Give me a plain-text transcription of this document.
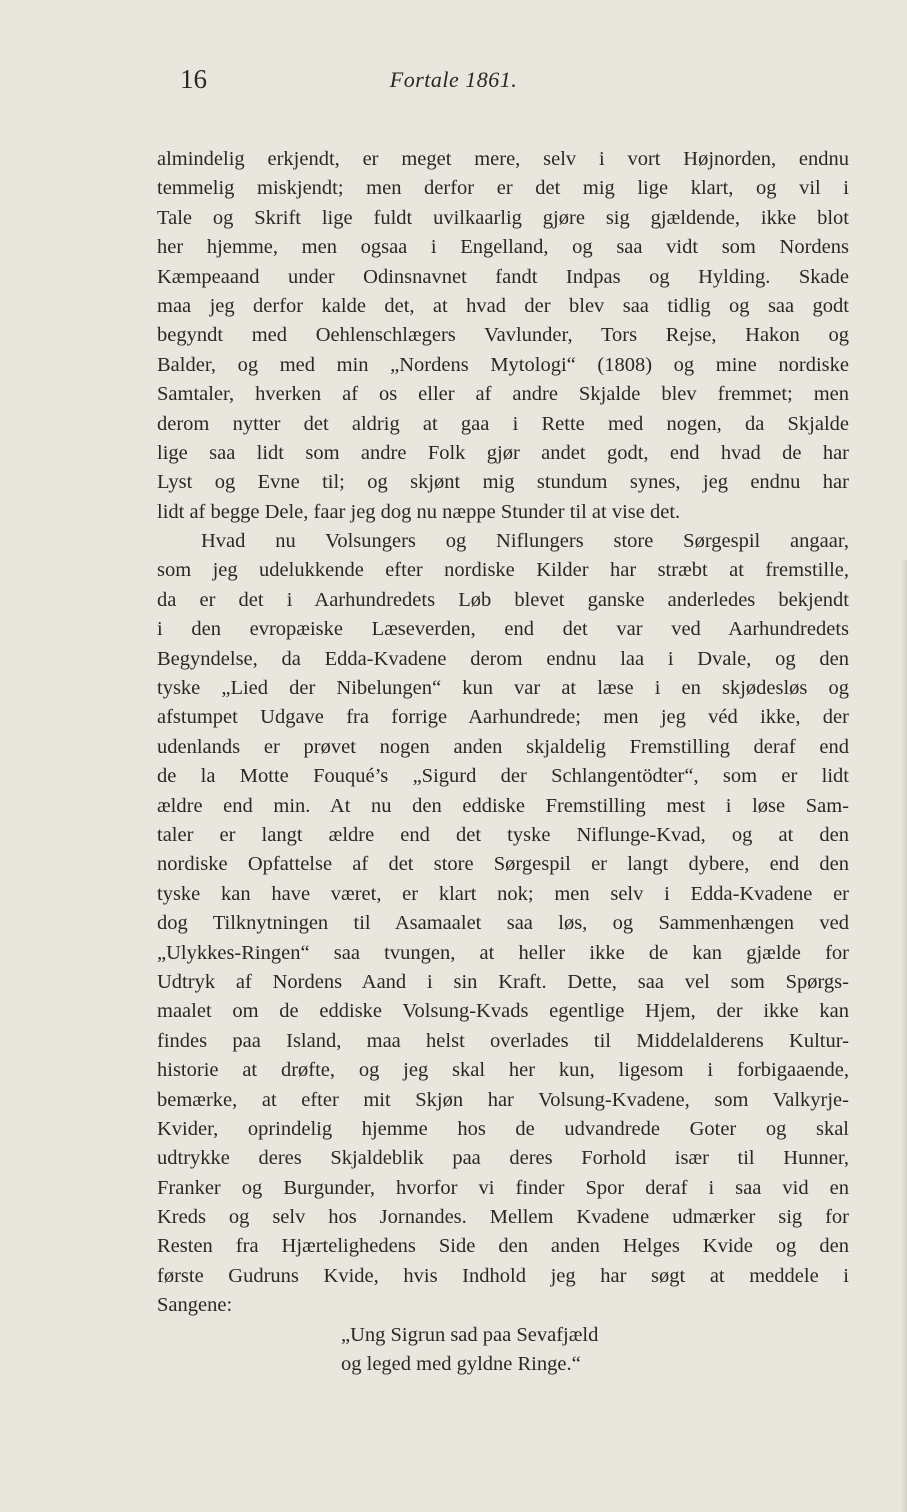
16	Fortale 1861.
almindelig erkjendt, er meget mere, selv i vort Højnorden, endnu
temmelig miskjendt; men derfor er det mig lige klart, og vil i
Tale og Skrift lige fuldt uvilkaarlig gjøre sig gjældende, ikke blot
her hjemme, men ogsaa i Engelland, og saa vidt som Nordens
Kæmpeaand under Odinsnavnet fandt Indpas og Hylding. Skade
maa jeg derfor kalde det, at hvad der blev saa tidlig og saa godt
begyndt med Oehlenschlægers Vavlunder, Tors Rejse, Hakon og
Balder, og med min „Nordens Mytologi“ (1808) og mine nordiske
Samtaler, hverken af os eller af andre Skjalde blev fremmet; men
derom nytter det aldrig at gaa i Rette med nogen, da Skjalde
lige saa lidt som andre Folk gjør andet godt, end hvad de har
Lyst og Evne til; og skjønt mig stundum synes, jeg endnu har
lidt af begge Dele, faar jeg dog nu næppe Stunder til at vise det.
Hvad nu Volsungers og Niflungers store Sørgespil angaar,
som jeg udelukkende efter nordiske Kilder har stræbt at fremstille,
da er det i Aarhundredets Løb blevet ganske anderledes bekjendt
i den evropæiske Læseverden, end det var ved Aarhundredets
Begyndelse, da Edda-Kvadene derom endnu laa i Dvale, og den
tyske „Lied der Nibelungen“ kun var at læse i en skjødesløs og
afstumpet Udgave fra forrige Aarhundrede; men jeg véd ikke, der
udenlands er prøvet nogen anden skjaldelig Fremstilling deraf end
de la Motte Fouqué’s „Sigurd der Schlangentödter“, som er lidt
ældre end min. At nu den eddiske Fremstilling mest i løse Sam-
taler er langt ældre end det tyske Niflunge-Kvad, og at den
nordiske Opfattelse af det store Sørgespil er langt dybere, end den
tyske kan have været, er klart nok; men selv i Edda-Kvadene er
dog Tilknytningen til Asamaalet saa løs, og Sammenhængen ved
„Ulykkes-Ringen“ saa tvungen, at heller ikke de kan gjælde for
Udtryk af Nordens Aand i sin Kraft. Dette, saa vel som Spørgs-
maalet om de eddiske Volsung-Kvads egentlige Hjem, der ikke kan
findes paa Island, maa helst overlades til Middelalderens Kultur-
historie at drøfte, og jeg skal her kun, ligesom i forbigaaende,
bemærke, at efter mit Skjøn har Volsung-Kvadene, som Valkyrje-
Kvider, oprindelig hjemme hos de udvandrede Goter og skal
udtrykke deres Skjaldeblik paa deres Forhold især til Hunner,
Franker og Burgunder, hvorfor vi finder Spor deraf i saa vid en
Kreds og selv hos Jornandes. Mellem Kvadene udmærker sig for
Resten fra Hjærtelighedens Side den anden Helges Kvide og den
første Gudruns Kvide, hvis Indhold jeg har søgt at meddele i
Sangene:
„Ung Sigrun sad paa Sevafjæld
og leged med gyldne Ringe.“
